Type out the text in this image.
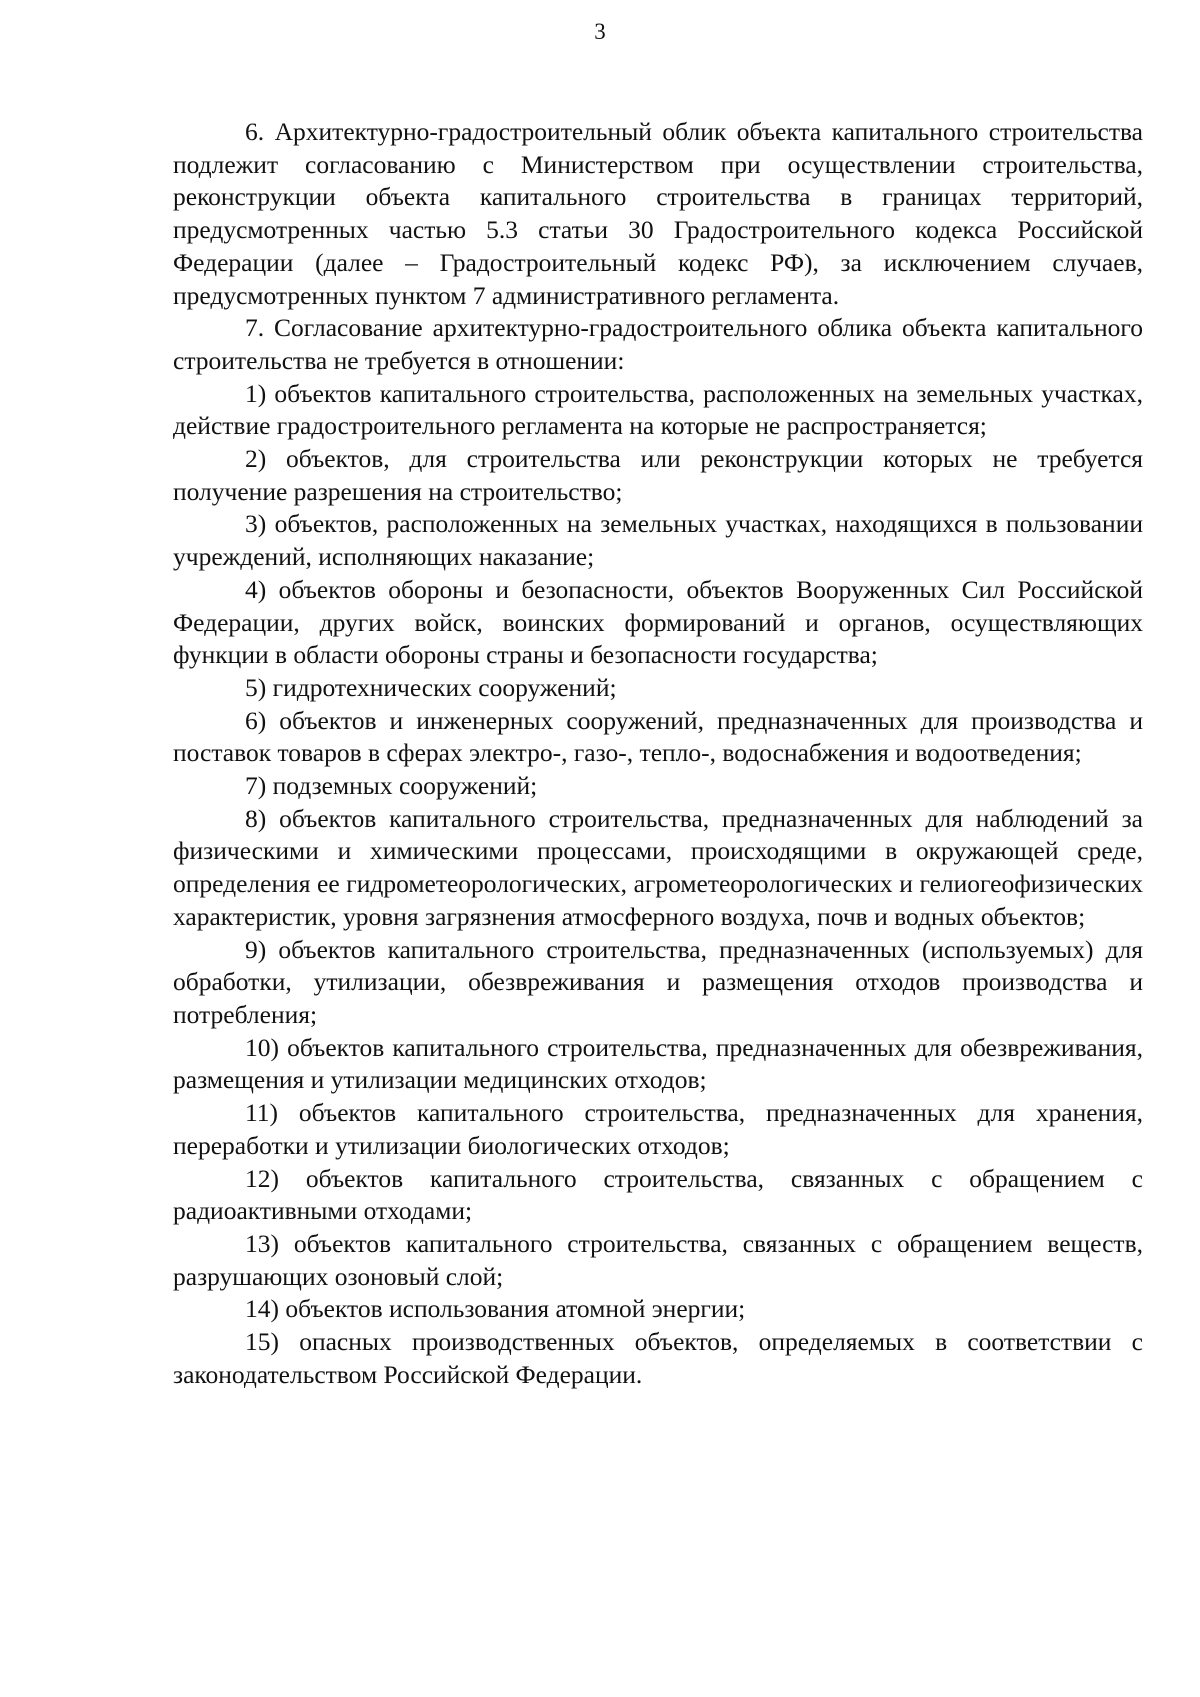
3

6. Архитектурно-градостроительный облик объекта капитального строительства подлежит согласованию с Министерством при осуществлении строительства, реконструкции объекта капитального строительства в границах территорий, предусмотренных частью 5.3 статьи 30 Градостроительного кодекса Российской Федерации (далее – Градостроительный кодекс РФ), за исключением случаев, предусмотренных пунктом 7 административного регламента.

7. Согласование архитектурно-градостроительного облика объекта капитального строительства не требуется в отношении:

1) объектов капитального строительства, расположенных на земельных участках, действие градостроительного регламента на которые не распространяется;

2) объектов, для строительства или реконструкции которых не требуется получение разрешения на строительство;

3) объектов, расположенных на земельных участках, находящихся в пользовании учреждений, исполняющих наказание;

4) объектов обороны и безопасности, объектов Вооруженных Сил Российской Федерации, других войск, воинских формирований и органов, осуществляющих функции в области обороны страны и безопасности государства;

5) гидротехнических сооружений;

6) объектов и инженерных сооружений, предназначенных для производства и поставок товаров в сферах электро-, газо-, тепло-, водоснабжения и водоотведения;

7) подземных сооружений;

8) объектов капитального строительства, предназначенных для наблюдений за физическими и химическими процессами, происходящими в окружающей среде, определения ее гидрометеорологических, агрометеорологических и гелиогеофизических характеристик, уровня загрязнения атмосферного воздуха, почв и водных объектов;

9) объектов капитального строительства, предназначенных (используемых) для обработки, утилизации, обезвреживания и размещения отходов производства и потребления;

10) объектов капитального строительства, предназначенных для обезвреживания, размещения и утилизации медицинских отходов;

11) объектов капитального строительства, предназначенных для хранения, переработки и утилизации биологических отходов;

12) объектов капитального строительства, связанных с обращением с радиоактивными отходами;

13) объектов капитального строительства, связанных с обращением веществ, разрушающих озоновый слой;

14) объектов использования атомной энергии;

15) опасных производственных объектов, определяемых в соответствии с законодательством Российской Федерации.
